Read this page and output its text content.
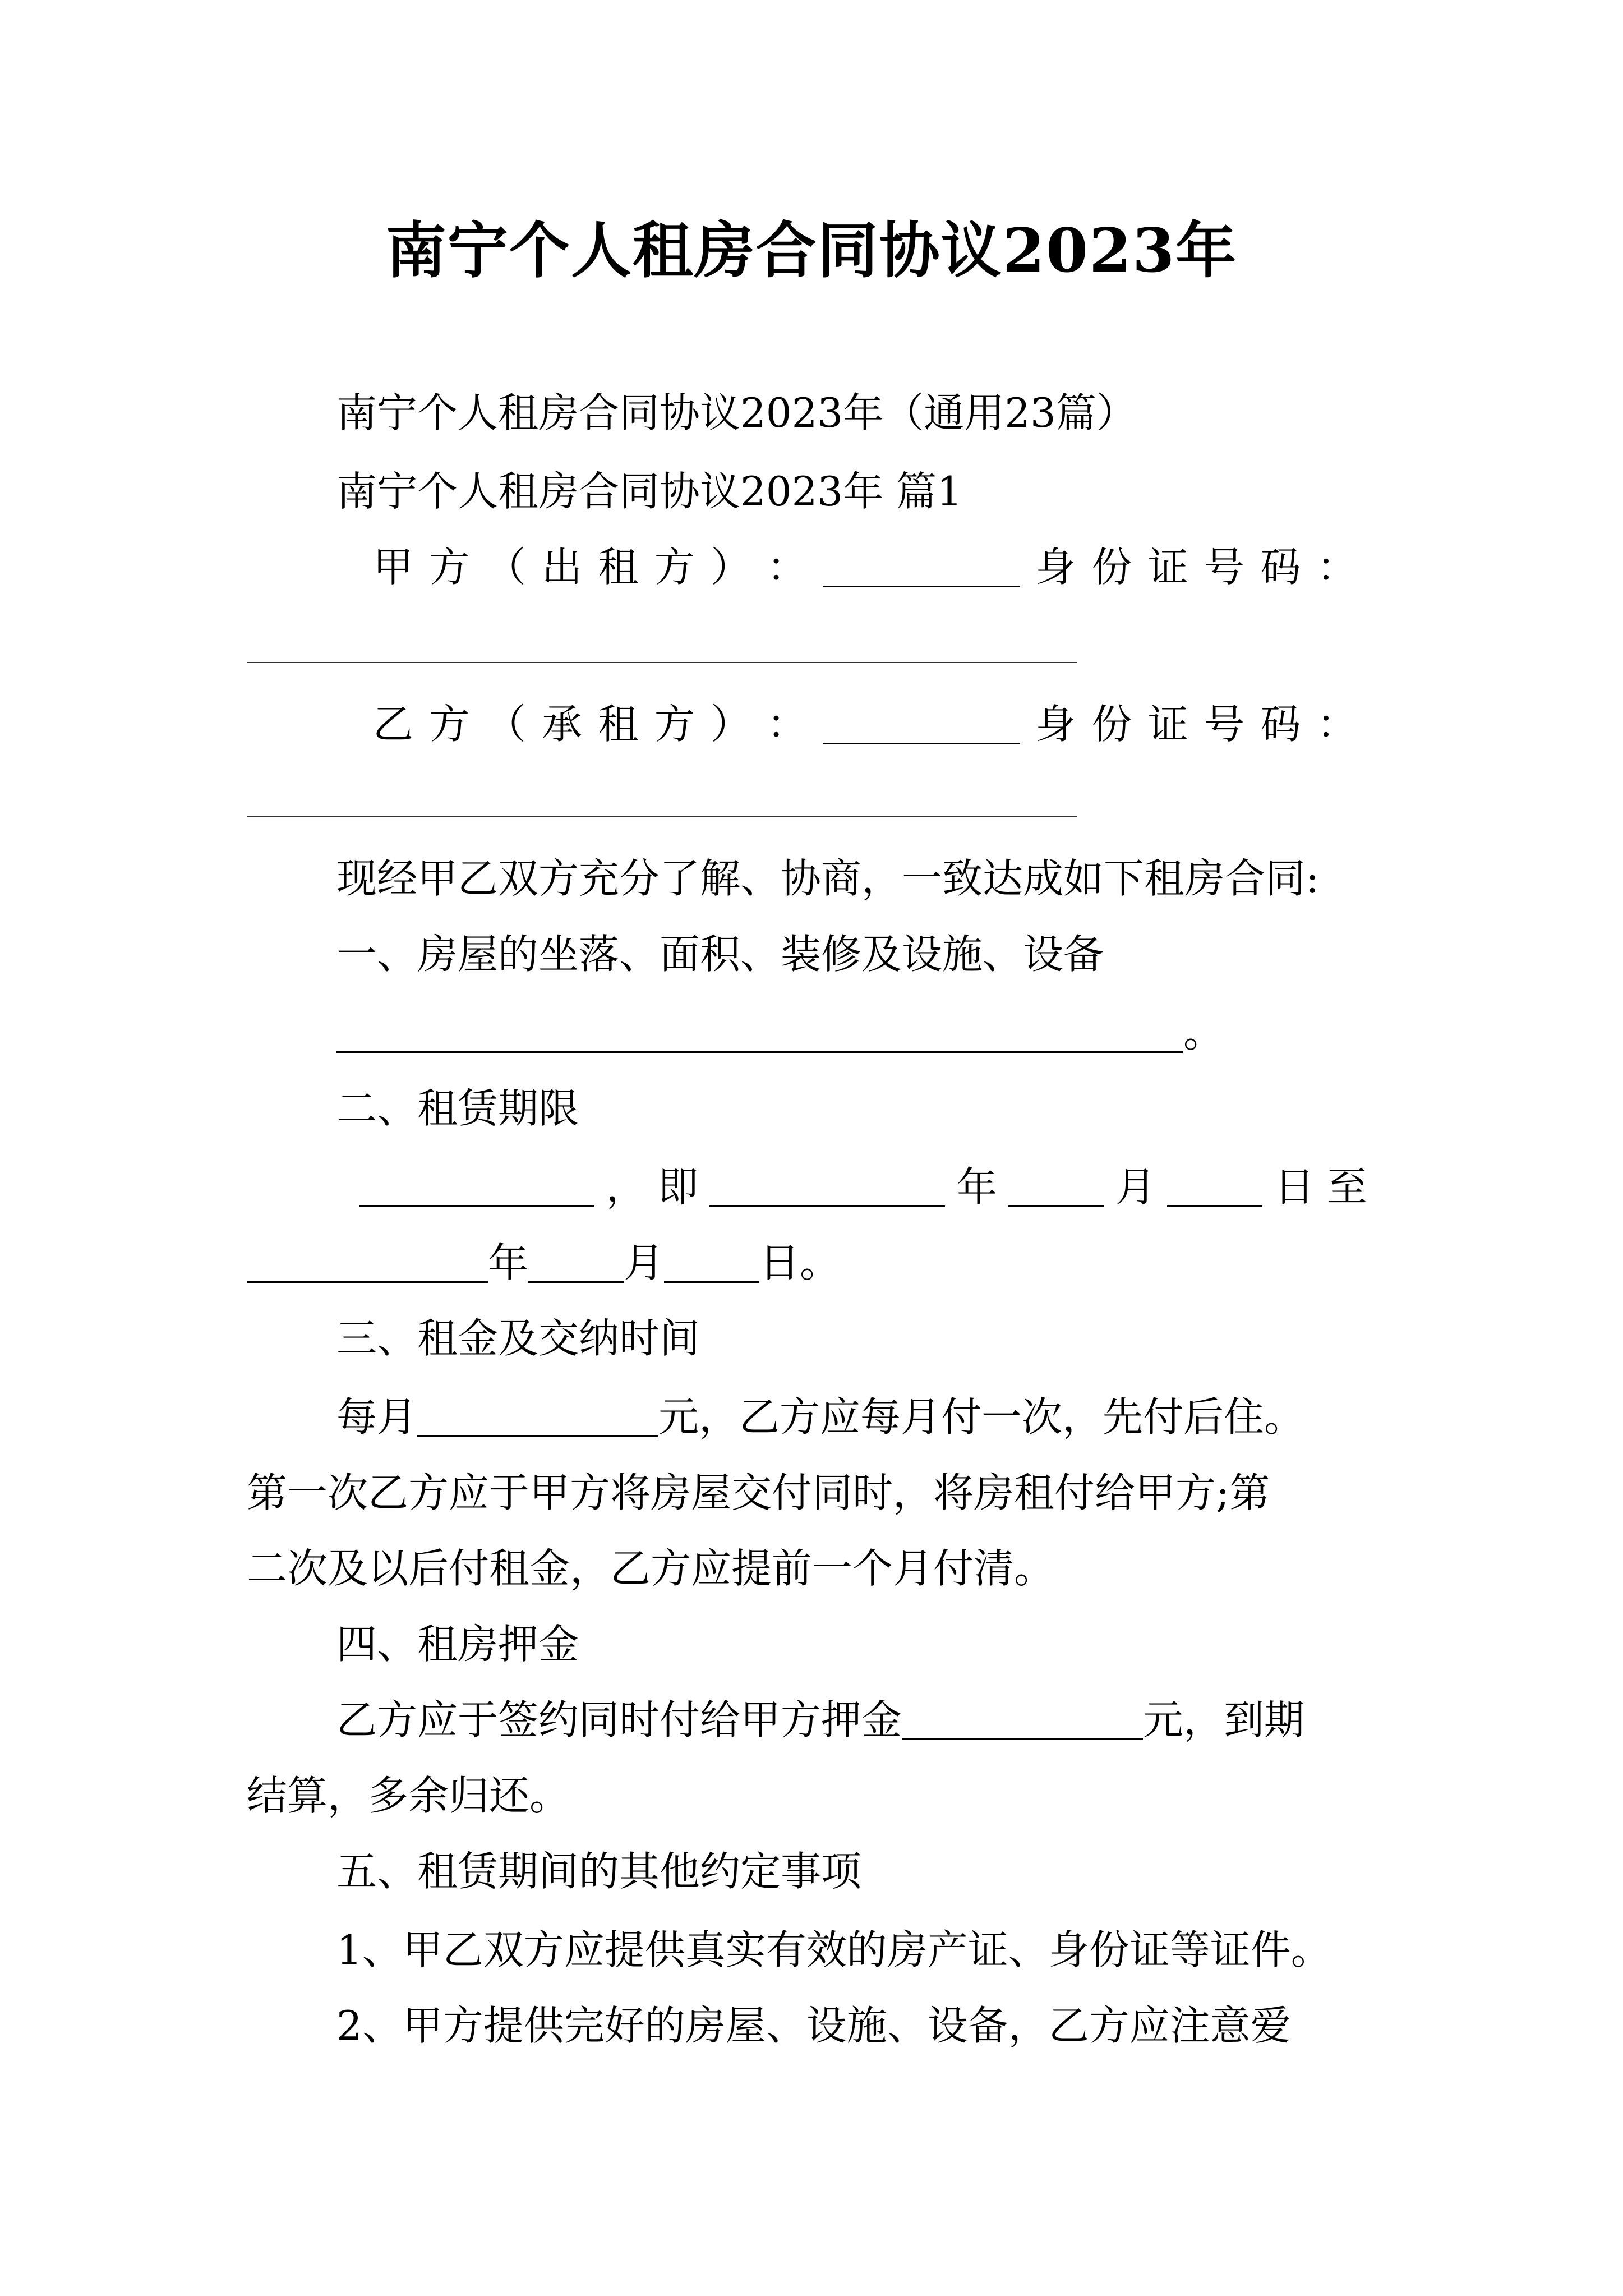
南宁个人租房合同协议2023年
南宁个人租房合同协议2023年（通用23篇）
南宁个人租房合同协议2023年 篇1
甲 方 （ 出 租 方 ） ：	身 份 证 号 码 ：
乙 方 （ 承 租 方 ） ：	身 份 证 号 码 ：
现经甲乙双方充分了解、协商，一致达成如下租房合同:
一、房屋的坐落、面积、装修及设施、设备
。
二、租赁期限
， 即	年	月	日至
年 月 日。
三、租金及交纳时间
每月	元，乙方应每月付一次，先付后住。
第一次乙方应于甲方将房屋交付同时，将房租付给甲方;第
二次及以后付租金，乙方应提前一个月付清。
四、租房押金
乙方应于签约同时付给甲方押金	元，到期
结算，多余归还。
五、租赁期间的其他约定事项
1、甲乙双方应提供真实有效的房产证、身份证等证件。
2、甲方提供完好的房屋、设施、设备，乙方应注意爱
